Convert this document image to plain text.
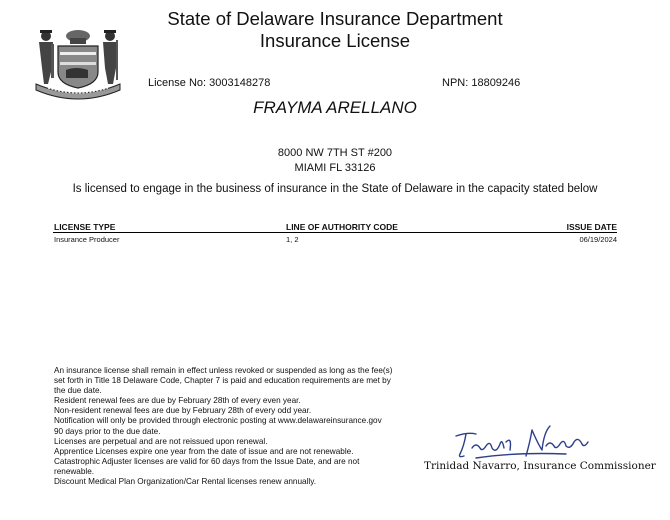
State of Delaware Insurance Department
Insurance License
License No: 3003148278	NPN: 18809246
FRAYMA ARELLANO
8000 NW 7TH ST #200
MIAMI FL 33126
Is licensed to engage in the business of insurance in the State of Delaware in the capacity stated below
LICENSE TYPE	LINE OF AUTHORITY CODE	ISSUE DATE
Insurance Producer	1, 2	06/19/2024
An insurance license shall remain in effect unless revoked or suspended as long as the fee(s)
set forth in Title 18 Delaware Code, Chapter 7 is paid and education requirements are met by
the due date.
Resident renewal fees are due by February 28th of every even year.
Non-resident renewal fees are due by February 28th of every odd year.
Notification will only be provided through electronic posting at www.delawareinsurance.gov
90 days prior to the due date.
Licenses are perpetual and are not reissued upon renewal.
Apprentice Licenses expire one year from the date of issue and are not renewable.
Catastrophic Adjuster licenses are valid for 60 days from the Issue Date, and are not
renewable.
Discount Medical Plan Organization/Car Rental licenses renew annually.
Trinidad Navarro, Insurance Commissioner
